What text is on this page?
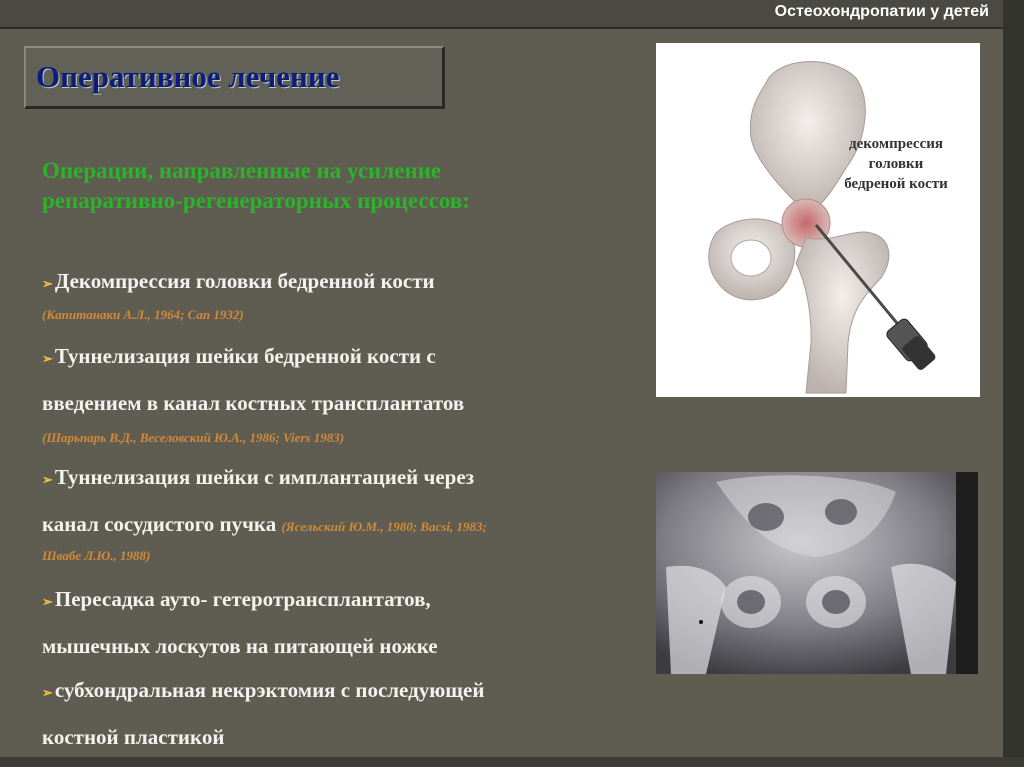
Остеохондропатии у детей
Оперативное лечение
Операции, направленные на усиление
репаративно-регенераторных процессов:
➢Декомпрессия головки бедренной кости
(Капитанаки А.Л., 1964; Can 1932)
➢Туннелизация шейки бедренной кости с
введением в канал костных трансплантатов
(Шарьпарь В.Д., Веселовский Ю.А., 1986; Viers 1983)
➢Туннелизация шейки с имплантацией через
канал сосудистого пучка (Ясельский Ю.М., 1980; Bacsi, 1983;
Швабе Л.Ю., 1988)
➢Пересадка ауто- гетеротрансплантатов,
мышечных лоскутов на питающей ножке
➢субхондральная некрэктомия с последующей
костной пластикой
декомпрессия
головки
бедреной кости
